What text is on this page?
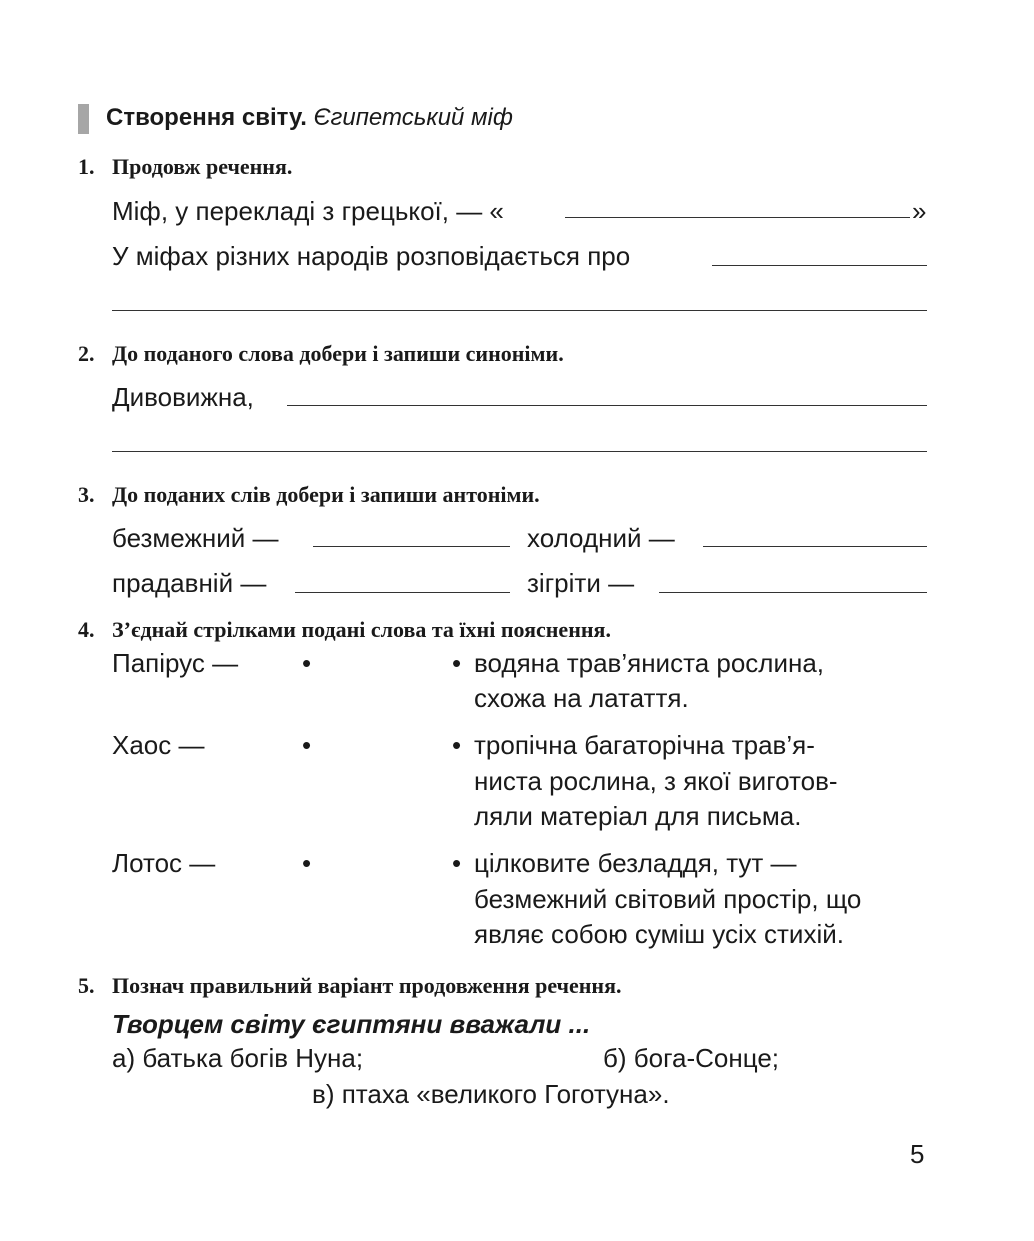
Створення світу. Єгипетський міф
1. Продовж речення.
Міф, у перекладі з грецької, — «	»
У міфах різних народів розповідається про
2. До поданого слова добери і запиши синоніми.
Дивовижна,
3. До поданих слів добери і запиши антоніми.
безмежний —	холодний —
прадавній —	зігріти —
4. З’єднай стрілками подані слова та їхні пояснення.
Папірус — •	• водяна трав’яниста рослина,
схожа на латаття.
Хаос —	•	• тропічна багаторічна трав’я-
ниста рослина, з якої виготов-
ляли матеріал для письма.
Лотос —	•	• цілковите безладдя, тут —
безмежний світовий простір, що
являє собою суміш усіх стихій.
5. Познач правильний варіант продовження речення.
Творцем світу єгиптяни вважали ...
а) батька богів Нуна;	б) бога-Сонце;
в) птаха «великого Гоготуна».
5
